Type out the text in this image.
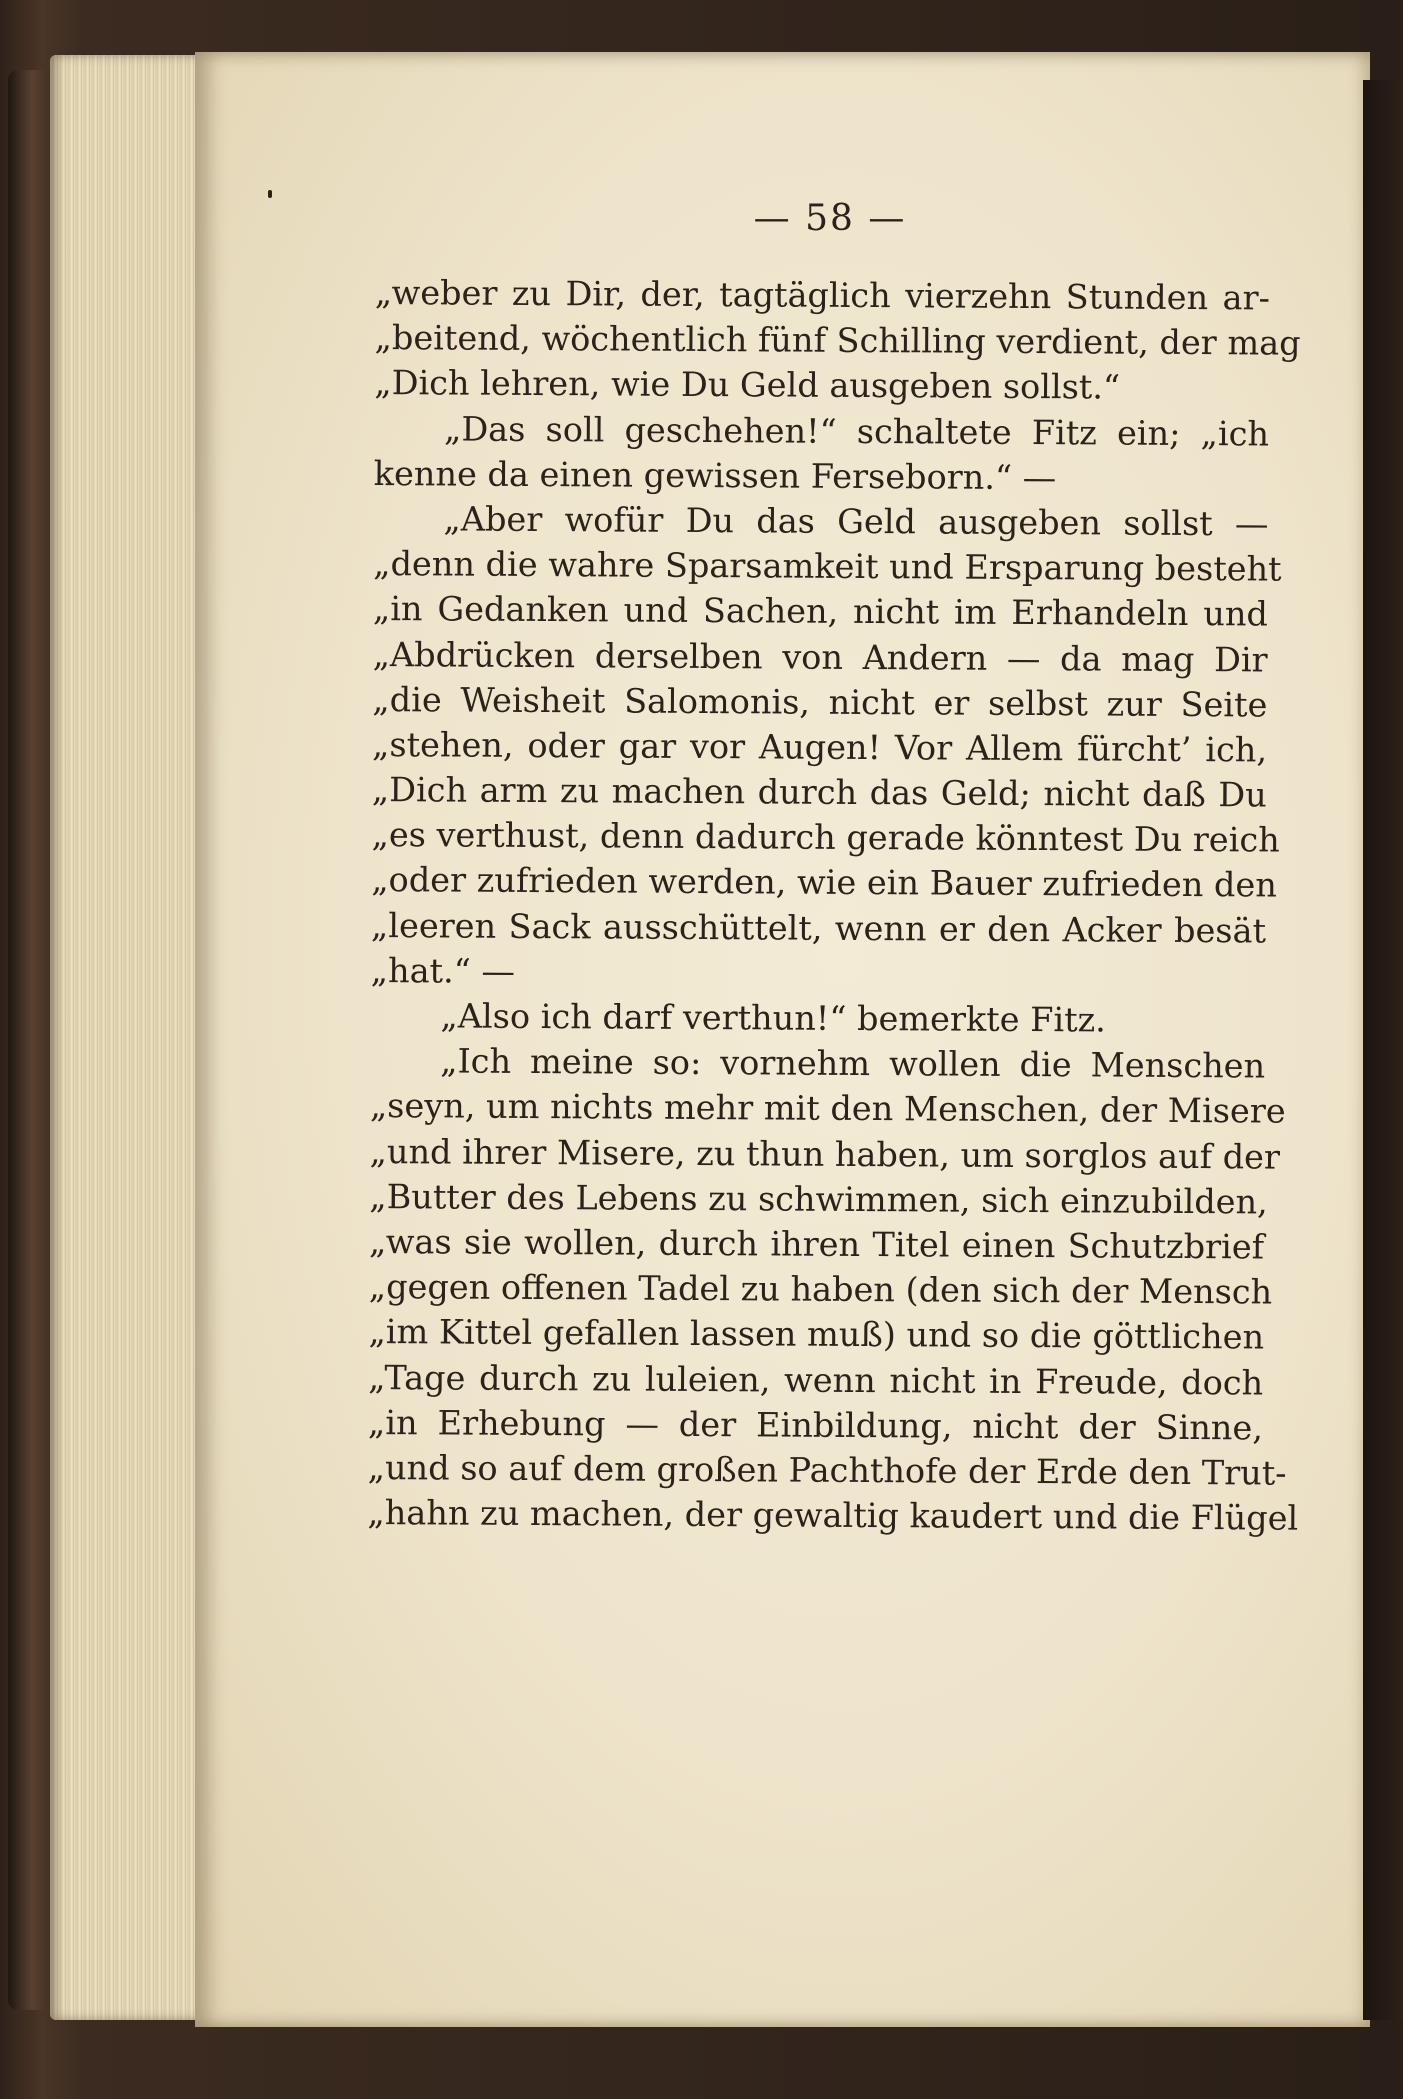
— 58 —
„weber zu Dir, der, tagtäglich vierzehn Stunden ar-
„beitend, wöchentlich fünf Schilling verdient, der mag
„Dich lehren, wie Du Geld ausgeben sollst.“
„Das soll geschehen!“ schaltete Fitz ein; „ich
kenne da einen gewissen Ferseborn.“ —
„Aber wofür Du das Geld ausgeben sollst —
„denn die wahre Sparsamkeit und Ersparung besteht
„in Gedanken und Sachen, nicht im Erhandeln und
„Abdrücken derselben von Andern — da mag Dir
„die Weisheit Salomonis, nicht er selbst zur Seite
„stehen, oder gar vor Augen! Vor Allem fürcht’ ich,
„Dich arm zu machen durch das Geld; nicht daß Du
„es verthust, denn dadurch gerade könntest Du reich
„oder zufrieden werden, wie ein Bauer zufrieden den
„leeren Sack ausschüttelt, wenn er den Acker besät
„hat.“ —
„Also ich darf verthun!“ bemerkte Fitz.
„Ich meine so: vornehm wollen die Menschen
„seyn, um nichts mehr mit den Menschen, der Misere
„und ihrer Misere, zu thun haben, um sorglos auf der
„Butter des Lebens zu schwimmen, sich einzubilden,
„was sie wollen, durch ihren Titel einen Schutzbrief
„gegen offenen Tadel zu haben (den sich der Mensch
„im Kittel gefallen lassen muß) und so die göttlichen
„Tage durch zu luleien, wenn nicht in Freude, doch
„in Erhebung — der Einbildung, nicht der Sinne,
„und so auf dem großen Pachthofe der Erde den Trut-
„hahn zu machen, der gewaltig kaudert und die Flügel
